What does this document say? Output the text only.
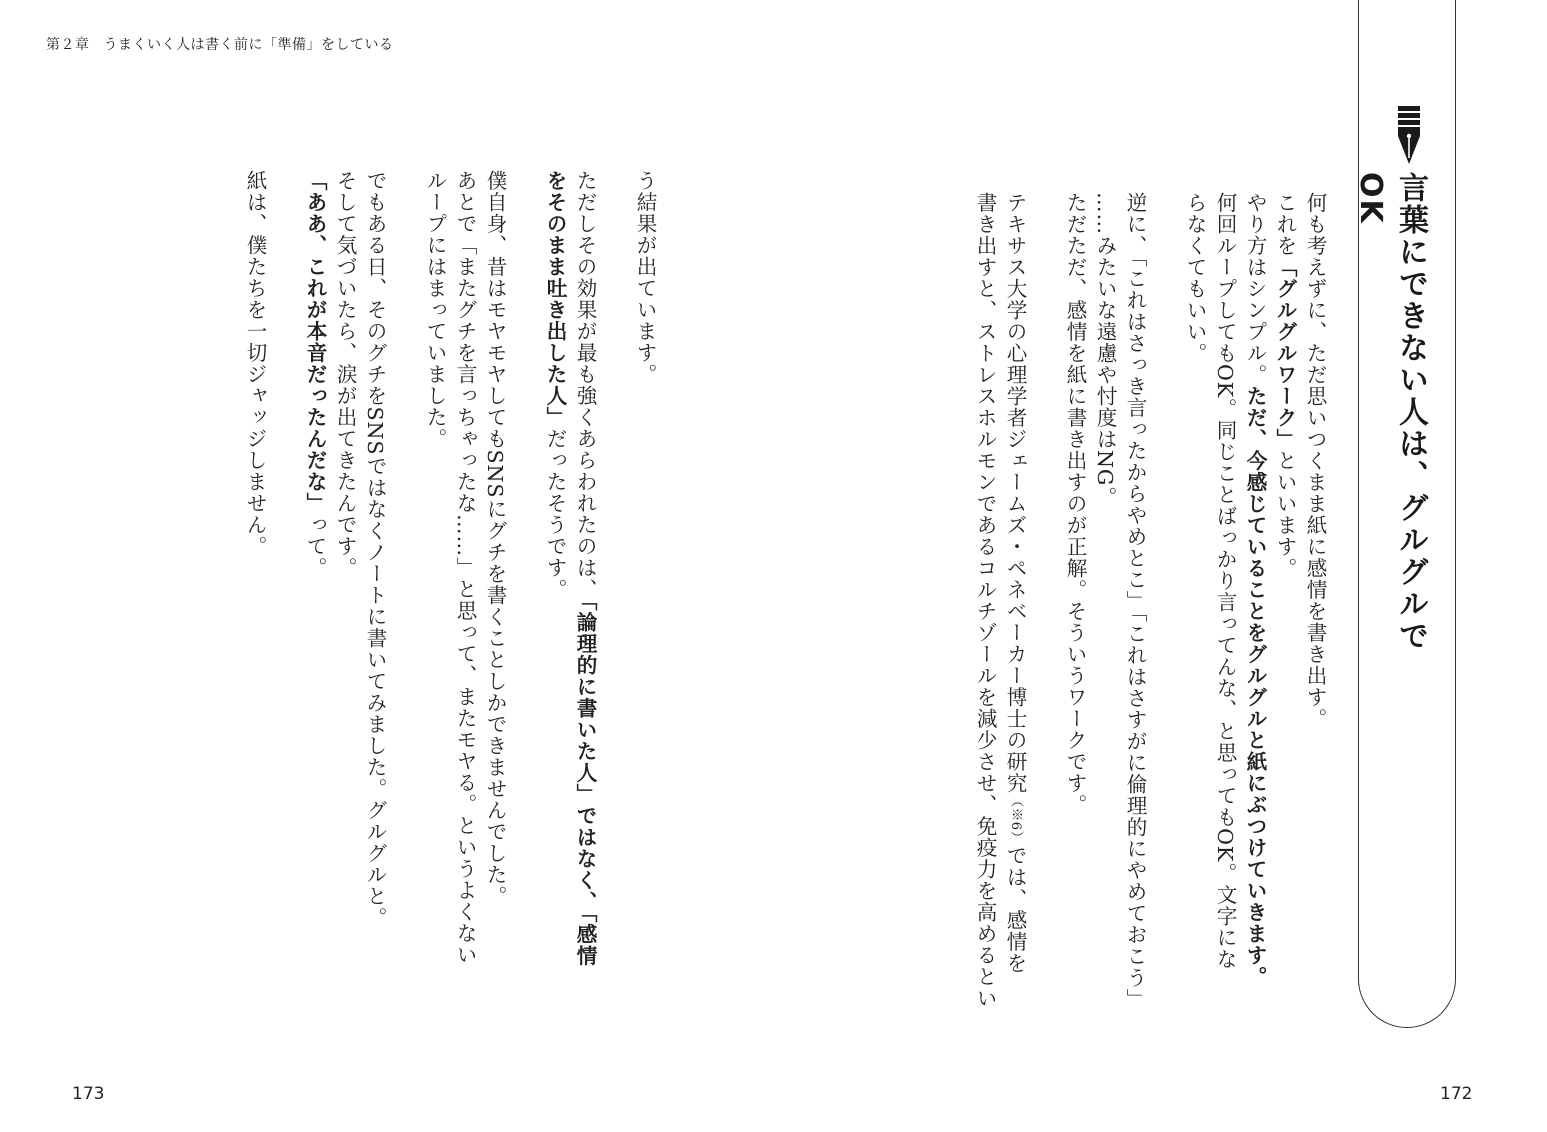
第２章 うまくいく人は書く前に「準備」をしている
言葉にできない人は、グルグルでOK
何も考えずに、ただ思いつくまま紙に感情を書き出す。
これを「グルグルワーク」といいます。
やり方はシンプル。ただ、今感じていることをグルグルと紙にぶつけていきます。
何回ループしてもOK。同じことばっかり言ってんな、と思ってもOK。文字にな
らなくてもいい。

逆に、「これはさっき言ったからやめとこ」「これはさすがに倫理的にやめておこう」
……みたいな遠慮や忖度はNG。
ただただ、感情を紙に書き出すのが正解。そういうワークです。

テキサス大学の心理学者ジェームズ・ペネベーカー博士の研究（※6）では、感情を
書き出すと、ストレスホルモンであるコルチゾールを減少させ、免疫力を高めるとい
う結果が出ています。

ただしその効果が最も強くあらわれたのは、「論理的に書いた人」ではなく、「感情
をそのまま吐き出した人」だったそうです。

僕自身、昔はモヤモヤしてもSNSにグチを書くことしかできませんでした。
あとで「またグチを言っちゃったな……」と思って、またモヤる。というよくない
ループにはまっていました。

でもある日、そのグチをSNSではなくノートに書いてみました。グルグルと。
そして気づいたら、涙が出てきたんです。
「ああ、これが本音だったんだな」って。

紙は、僕たちを一切ジャッジしません。
173	172
